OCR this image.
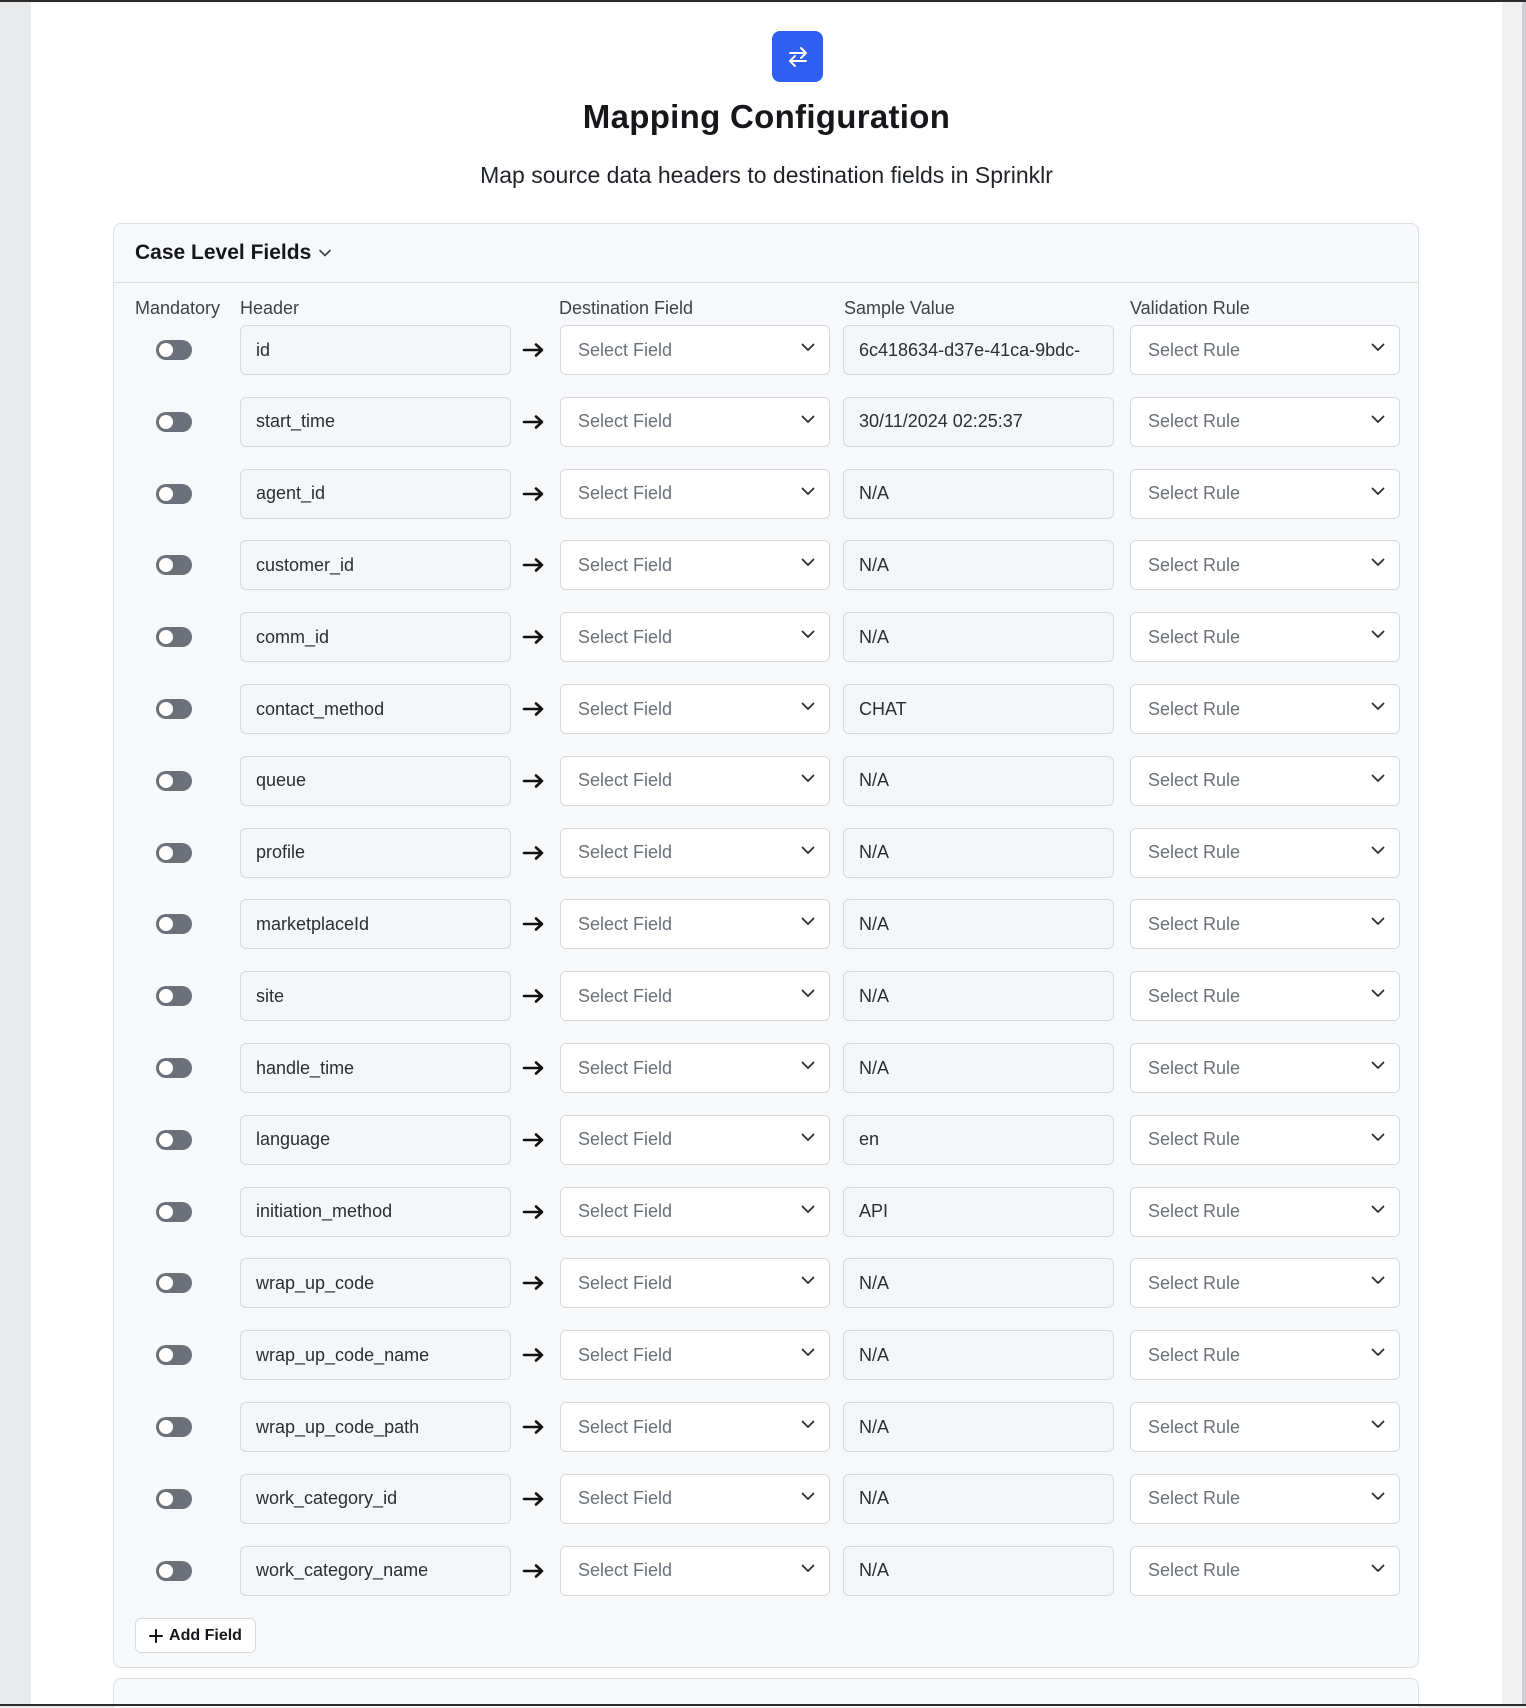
Mapping Configuration
Map source data headers to destination fields in Sprinklr
Case Level Fields
Mandatory Header	Destination Field	Sample Value	Validation Rule
id	Select Field	6c418634-d37e-41ca-9bdc-	Select Rule
start_time	Select Field	30/11/2024 02:25:37	Select Rule
agent_id	Select Field	N/A	Select Rule
customer_id	Select Field	N/A	Select Rule
comm_id	Select Field	N/A	Select Rule
contact_method	Select Field	CHAT	Select Rule
queue	Select Field	N/A	Select Rule
profile	Select Field	N/A	Select Rule
marketplaceId	Select Field	N/A	Select Rule
site	Select Field	N/A	Select Rule
handle_time	Select Field	N/A	Select Rule
language	Select Field	en	Select Rule
initiation_method	Select Field	API	Select Rule
wrap_up_code	Select Field	N/A	Select Rule
wrap_up_code_name	Select Field	N/A	Select Rule
wrap_up_code_path	Select Field	N/A	Select Rule
work_category_id	Select Field	N/A	Select Rule
work_category_name	Select Field	N/A	Select Rule
Add Field
